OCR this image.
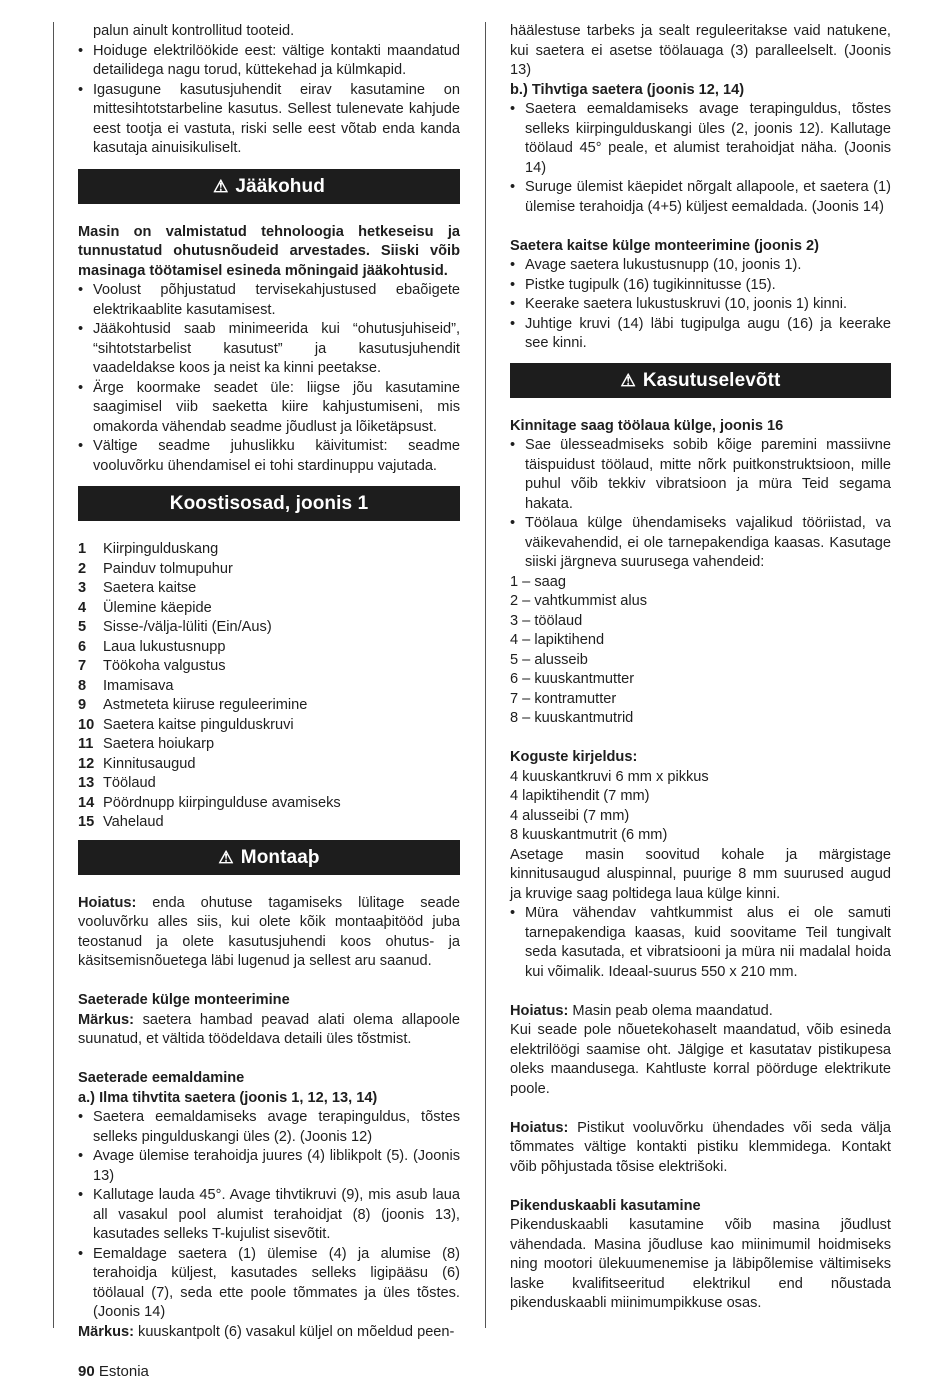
palun ainult kontrollitud tooteid.

• Hoiduge elektrilöökide eest: vältige kontakti maandatud detailidega nagu torud, küttekehad ja külmkapid.
• Igasugune kasutusjuhendit eirav kasutamine on mittesihtotstarbeline kasutus. Sellest tulenevate kahjude eest tootja ei vastuta, riski selle eest võtab enda kanda kasutaja ainuisikuliselt.
⚠ Jääkohud

Masin on valmistatud tehnoloogia hetkeseisu ja tunnustatud ohutusnõudeid arvestades. Siiski võib masinaga töötamisel esineda mõningaid jääkohtusid.

• Voolust põhjustatud tervisekahjustused ebaõigete elektrikaablite kasutamisest.
• Jääkohtusid saab minimeerida kui “ohutusjuhiseid”, “sihtotstarbelist kasutust” ja kasutusjuhendit vaadeldakse koos ja neist ka kinni peetakse.
• Ärge koormake seadet üle: liigse jõu kasutamine saagimisel viib saeketta kiire kahjustumiseni, mis omakorda vähendab seadme jõudlust ja lõiketäpsust.
• Vältige seadme juhuslikku käivitumist: seadme vooluvõrku ühendamisel ei tohi stardinuppu vajutada.
Koostisosad, joonis 1
1	Kiirpingulduskang
2	Painduv tolmupuhur
3	Saetera kaitse
4	Ülemine käepide
5	Sisse-/välja-lüliti (Ein/Aus)
6	Laua lukustusnupp
7	Töökoha valgustus
8	Imamisava
9	Astmeteta kiiruse reguleerimine
10 Saetera kaitse pingulduskruvi
11 Saetera hoiukarp
12 Kinnitusaugud
13 Töölaud
14 Pöördnupp kiirpingulduse avamiseks
15 Vahelaud
⚠ Montaaþ

Hoiatus: enda ohutuse tagamiseks lülitage seade vooluvõrku alles siis, kui olete kõik montaaþitööd juba teostanud ja olete kasutusjuhendi koos ohutus- ja käsitsemisnõuetega läbi lugenud ja sellest aru saanud.

Saeterade külge monteerimine

Märkus: saetera hambad peavad alati olema allapoole suunatud, et vältida töödeldava detaili üles tõstmist.

Saeterade eemaldamine

a.) Ilma tihvtita saetera (joonis 1, 12, 13, 14)

• Saetera eemaldamiseks avage terapinguldus, tõstes selleks pingulduskangi üles (2). (Joonis 12)
• Avage ülemise terahoidja juures (4) liblikpolt (5). (Joonis 13)
• Kallutage lauda 45°. Avage tihvtikruvi (9), mis asub laua all vasakul pool alumist terahoidjat (8) (joonis 13), kasutades selleks T-kujulist sisevõtit.
• Eemaldage saetera (1) ülemise (4) ja alumise (8) terahoidja küljest, kasutades selleks ligipääsu (6) töölaual (7), seda ette poole tõmmates ja üles tõstes. (Joonis 14)

Märkus: kuuskantpolt (6) vasakul küljel on mõeldud peen-

häälestuse tarbeks ja sealt reguleeritakse vaid natukene, kui saetera ei asetse töölauaga (3) paralleelselt. (Joonis 13)

b.) Tihvtiga saetera (joonis 12, 14)

• Saetera eemaldamiseks avage terapinguldus, tõstes selleks kiirpingulduskangi üles (2, joonis 12). Kallutage töölaud 45° peale, et alumist terahoidjat näha. (Joonis 14)
• Suruge ülemist käepidet nõrgalt allapoole, et saetera (1) ülemise terahoidja (4+5) küljest eemaldada. (Joonis 14)

Saetera kaitse külge monteerimine (joonis 2)

• Avage saetera lukustusnupp (10, joonis 1).
• Pistke tugipulk (16) tugikinnitusse (15).
• Keerake saetera lukustuskruvi (10, joonis 1) kinni.
• Juhtige kruvi (14) läbi tugipulga augu (16) ja keerake see kinni.
⚠ Kasutuselevõtt

Kinnitage saag töölaua külge, joonis 16

• Sae ülesseadmiseks sobib kõige paremini massiivne täispuidust töölaud, mitte nõrk puitkonstruktsioon, mille puhul võib tekkiv vibratsioon ja müra Teid segama hakata.
• Töölaua külge ühendamiseks vajalikud tööriistad, va väikevahendid, ei ole tarnepakendiga kaasas. Kasutage siiski järgneva suurusega vahendeid:

1 – saag

2 – vahtkummist alus

3 – töölaud

4 – lapiktihend

5 – alusseib

6 – kuuskantmutter

7 – kontramutter

8 – kuuskantmutrid

Koguste kirjeldus:

4 kuuskantkruvi 6 mm x pikkus

4 lapiktihendit (7 mm)

4 alusseibi (7 mm)

8 kuuskantmutrit (6 mm)

Asetage masin soovitud kohale ja märgistage kinnitusaugud aluspinnal, puurige 8 mm suurused augud ja kruvige saag poltidega laua külge kinni.

• Müra vähendav vahtkummist alus ei ole samuti tarnepakendiga kaasas, kuid soovitame Teil tungivalt seda kasutada, et vibratsiooni ja müra nii madalal hoida kui võimalik. Ideaal-suurus 550 x 210 mm.

Hoiatus: Masin peab olema maandatud.

Kui seade pole nõuetekohaselt maandatud, võib esineda elektrilöögi saamise oht. Jälgige et kasutatav pistikupesa oleks maandusega. Kahtluste korral pöörduge elektrikute poole.

Hoiatus: Pistikut vooluvõrku ühendades või seda välja tõmmates vältige kontakti pistiku klemmidega. Kontakt võib põhjustada tõsise elektrišoki.

Pikenduskaabli kasutamine

Pikenduskaabli kasutamine võib masina jõudlust vähendada. Masina jõudluse kao miinimumil hoidmiseks ning mootori ülekuumenemise ja läbipõlemise vältimiseks laske kvalifitseeritud elektrikul end nõustada pikenduskaabli miinimumpikkuse osas.

90 Estonia
